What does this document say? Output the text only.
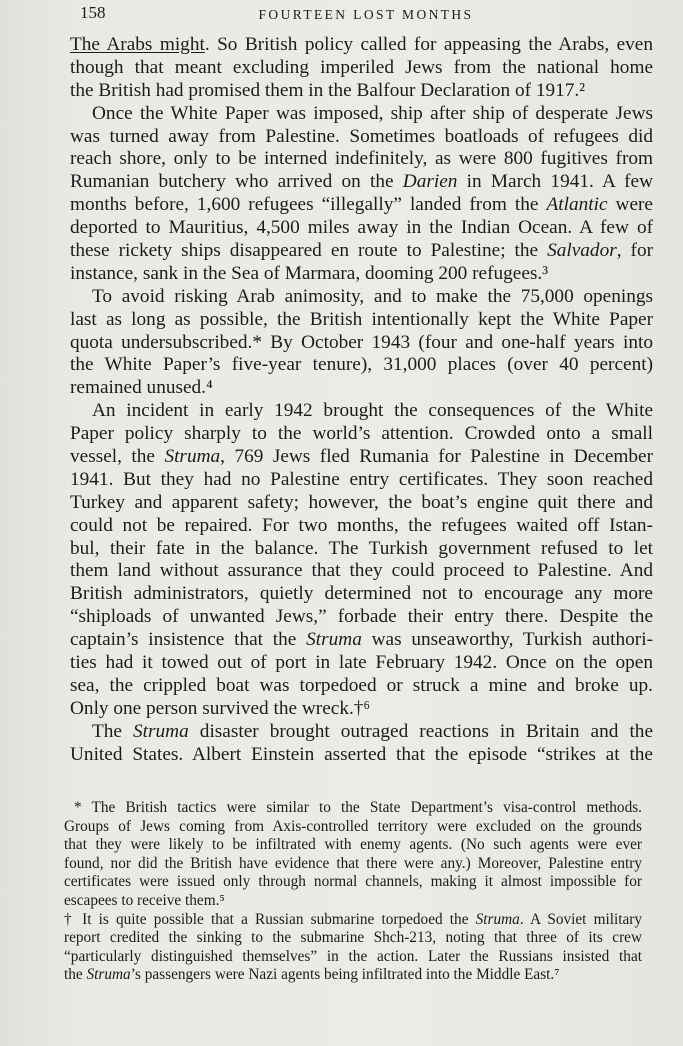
158	FOURTEEN LOST MONTHS
The Arabs might. So British policy called for appeasing the Arabs, even
though that meant excluding imperiled Jews from the national home
the British had promised them in the Balfour Declaration of 1917.²
Once the White Paper was imposed, ship after ship of desperate Jews
was turned away from Palestine. Sometimes boatloads of refugees did
reach shore, only to be interned indefinitely, as were 800 fugitives from
Rumanian butchery who arrived on the Darien in March 1941. A few
months before, 1,600 refugees “illegally” landed from the Atlantic were
deported to Mauritius, 4,500 miles away in the Indian Ocean. A few of
these rickety ships disappeared en route to Palestine; the Salvador, for
instance, sank in the Sea of Marmara, dooming 200 refugees.³
To avoid risking Arab animosity, and to make the 75,000 openings
last as long as possible, the British intentionally kept the White Paper
quota undersubscribed.* By October 1943 (four and one-half years into
the White Paper’s five-year tenure), 31,000 places (over 40 percent)
remained unused.⁴
An incident in early 1942 brought the consequences of the White
Paper policy sharply to the world’s attention. Crowded onto a small
vessel, the Struma, 769 Jews fled Rumania for Palestine in December
1941. But they had no Palestine entry certificates. They soon reached
Turkey and apparent safety; however, the boat’s engine quit there and
could not be repaired. For two months, the refugees waited off Istan-
bul, their fate in the balance. The Turkish government refused to let
them land without assurance that they could proceed to Palestine. And
British administrators, quietly determined not to encourage any more
“shiploads of unwanted Jews,” forbade their entry there. Despite the
captain’s insistence that the Struma was unseaworthy, Turkish authori-
ties had it towed out of port in late February 1942. Once on the open
sea, the crippled boat was torpedoed or struck a mine and broke up.
Only one person survived the wreck.†⁶
The Struma disaster brought outraged reactions in Britain and the
United States. Albert Einstein asserted that the episode “strikes at the
* The British tactics were similar to the State Department’s visa-control methods.
Groups of Jews coming from Axis-controlled territory were excluded on the grounds
that they were likely to be infiltrated with enemy agents. (No such agents were ever
found, nor did the British have evidence that there were any.) Moreover, Palestine entry
certificates were issued only through normal channels, making it almost impossible for
escapees to receive them.⁵
† It is quite possible that a Russian submarine torpedoed the Struma. A Soviet military
report credited the sinking to the submarine Shch-213, noting that three of its crew
“particularly distinguished themselves” in the action. Later the Russians insisted that
the Struma’s passengers were Nazi agents being infiltrated into the Middle East.⁷
